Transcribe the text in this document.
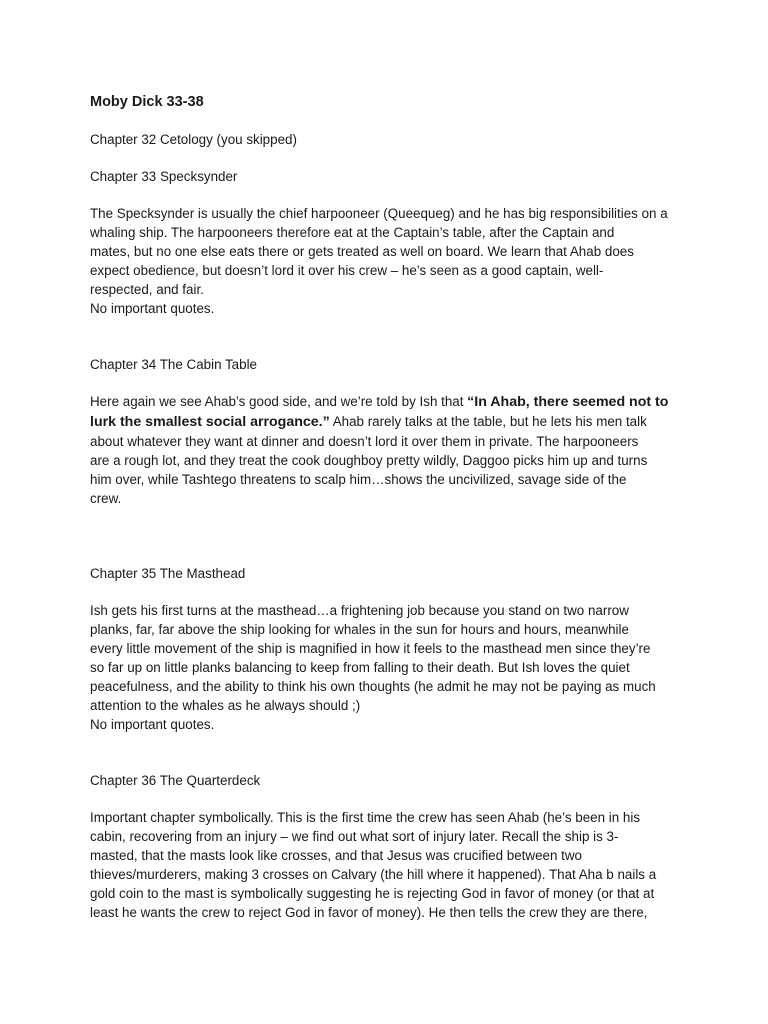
Moby Dick 33-38
Chapter 32 Cetology (you skipped)
Chapter 33 Specksynder
The Specksynder is usually the chief harpooneer (Queequeg) and he has big responsibilities on a
whaling ship. The harpooneers therefore eat at the Captain’s table, after the Captain and
mates, but no one else eats there or gets treated as well on board. We learn that Ahab does
expect obedience, but doesn’t lord it over his crew – he’s seen as a good captain, well-
respected, and fair.
No important quotes.
Chapter 34 The Cabin Table
Here again we see Ahab’s good side, and we’re told by Ish that “In Ahab, there seemed not to
lurk the smallest social arrogance.” Ahab rarely talks at the table, but he lets his men talk
about whatever they want at dinner and doesn’t lord it over them in private. The harpooneers
are a rough lot, and they treat the cook doughboy pretty wildly, Daggoo picks him up and turns
him over, while Tashtego threatens to scalp him…shows the uncivilized, savage side of the
crew.
Chapter 35 The Masthead
Ish gets his first turns at the masthead…a frightening job because you stand on two narrow
planks, far, far above the ship looking for whales in the sun for hours and hours, meanwhile
every little movement of the ship is magnified in how it feels to the masthead men since they’re
so far up on little planks balancing to keep from falling to their death. But Ish loves the quiet
peacefulness, and the ability to think his own thoughts (he admit he may not be paying as much
attention to the whales as he always should ;)
No important quotes.
Chapter 36 The Quarterdeck
Important chapter symbolically. This is the first time the crew has seen Ahab (he’s been in his
cabin, recovering from an injury – we find out what sort of injury later. Recall the ship is 3-
masted, that the masts look like crosses, and that Jesus was crucified between two
thieves/murderers, making 3 crosses on Calvary (the hill where it happened). That Aha b nails a
gold coin to the mast is symbolically suggesting he is rejecting God in favor of money (or that at
least he wants the crew to reject God in favor of money). He then tells the crew they are there,
